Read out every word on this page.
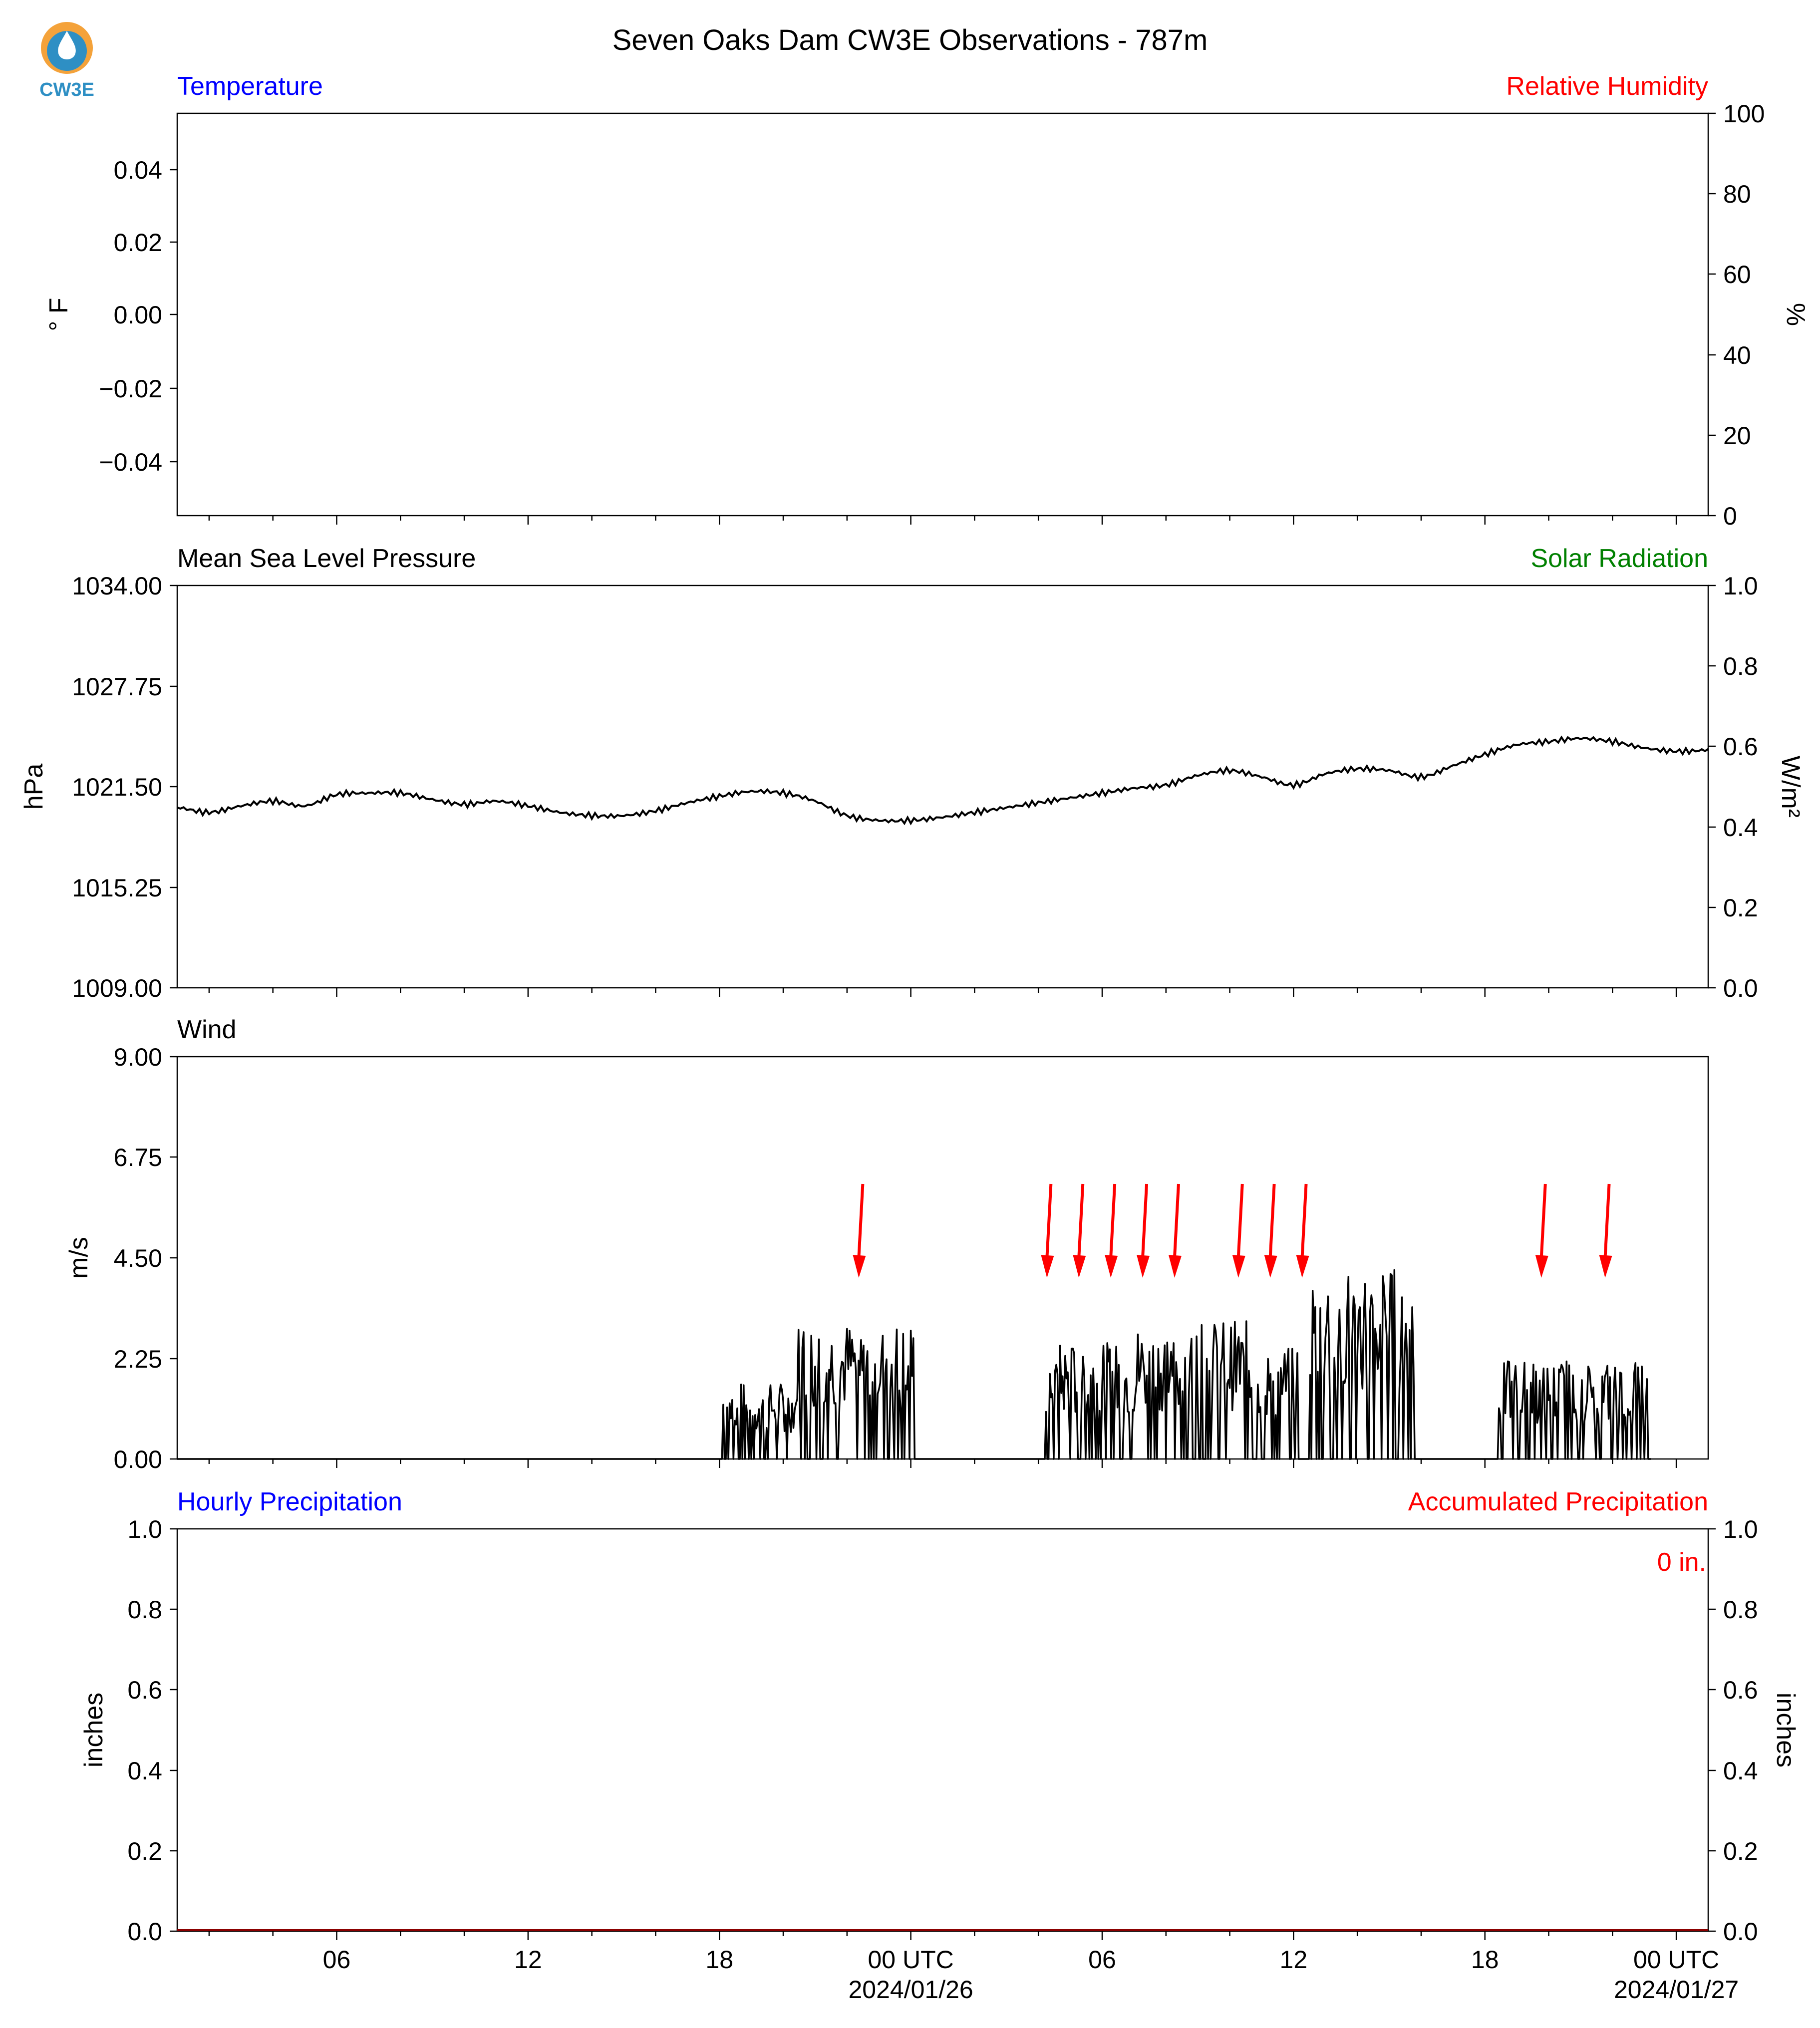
CW3E
Seven Oaks Dam CW3E Observations - 787m
Temperature	Relative Humidity
° F	%
0.04
0.02
0.00
−0.02
−0.04
100
80
60
40
20
0
Mean Sea Level Pressure	Solar Radiation
hPa	W/m²
1034.00
1027.75
1021.50
1015.25
1009.00
1.0
0.8
0.6
0.4
0.2
0.0
Wind
m/s
9.00
6.75
4.50
2.25
0.00
Hourly Precipitation	Accumulated Precipitation
0 in.
inches	inches
1.0
0.8
0.6
0.4
0.2
0.0
1.0
0.8
0.6
0.4
0.2
0.0
06	12	18	00 UTC
2024/01/26
06	12	18	00 UTC
2024/01/27
